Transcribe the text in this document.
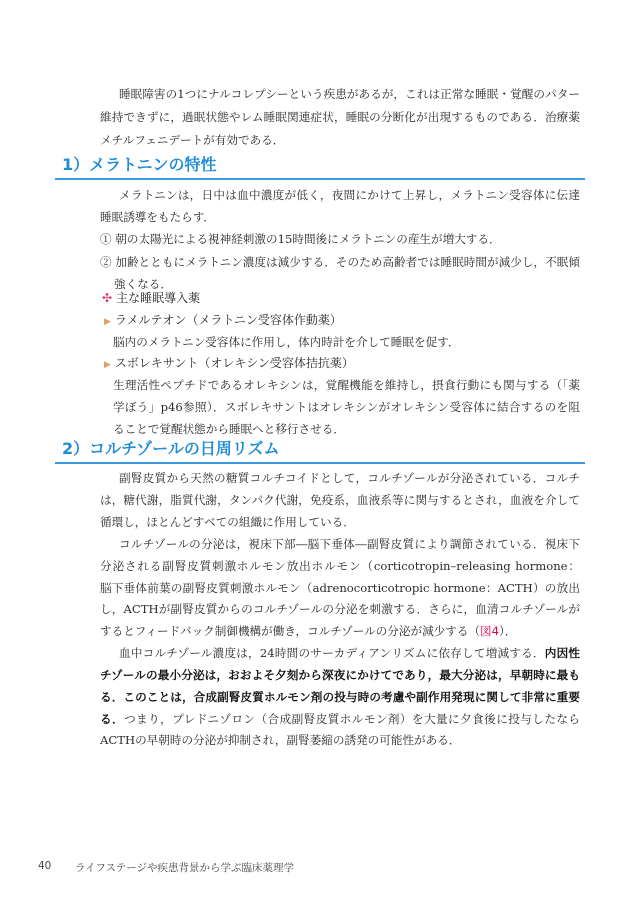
睡眠障害の1つにナルコレプシーという疾患があるが，これは正常な睡眠・覚醒のパター
維持できずに，過眠状態やレム睡眠関連症状，睡眠の分断化が出現するものである．治療薬
メチルフェニデートが有効である．
1）メラトニンの特性
メラトニンは，日中は血中濃度が低く，夜間にかけて上昇し，メラトニン受容体に伝達
睡眠誘導をもたらす．
① 朝の太陽光による視神経刺激の15時間後にメラトニンの産生が増大する．
② 加齢とともにメラトニン濃度は減少する．そのため高齢者では睡眠時間が減少し，不眠傾
強くなる．
✣ 主な睡眠導入薬
▶ ラメルテオン（メラトニン受容体作動薬）
脳内のメラトニン受容体に作用し，体内時計を介して睡眠を促す．
▶ スボレキサント（オレキシン受容体拮抗薬）
生理活性ペプチドであるオレキシンは，覚醒機能を維持し，摂食行動にも関与する（「薬
学ぼう」p46参照）．スボレキサントはオレキシンがオレキシン受容体に結合するのを阻
ることで覚醒状態から睡眠へと移行させる．
2）コルチゾールの日周リズム
副腎皮質から天然の糖質コルチコイドとして，コルチゾールが分泌されている．コルチ
は，糖代謝，脂質代謝，タンパク代謝，免疫系，血液系等に関与するとされ，血液を介して
循環し，ほとんどすべての組織に作用している．
コルチゾールの分泌は，視床下部―脳下垂体―副腎皮質により調節されている．視床下
分泌される副腎皮質刺激ホルモン放出ホルモン（corticotropin–releasing hormone：
脳下垂体前葉の副腎皮質刺激ホルモン（adrenocorticotropic hormone：ACTH）の放出
し，ACTHが副腎皮質からのコルチゾールの分泌を刺激する．さらに，血清コルチゾールが
するとフィードバック制御機構が働き，コルチゾールの分泌が減少する（図4）．
血中コルチゾール濃度は，24時間のサーカディアンリズムに依存して増減する．内因性
チゾールの最小分泌は，おおよそ夕刻から深夜にかけてであり，最大分泌は，早朝時に最も
る．このことは，合成副腎皮質ホルモン剤の投与時の考慮や副作用発現に関して非常に重要
る．つまり，プレドニゾロン（合成副腎皮質ホルモン剤）を大量に夕食後に投与したなら
ACTHの早朝時の分泌が抑制され，副腎萎縮の誘発の可能性がある．
40 ライフステージや疾患背景から学ぶ臨床薬理学
